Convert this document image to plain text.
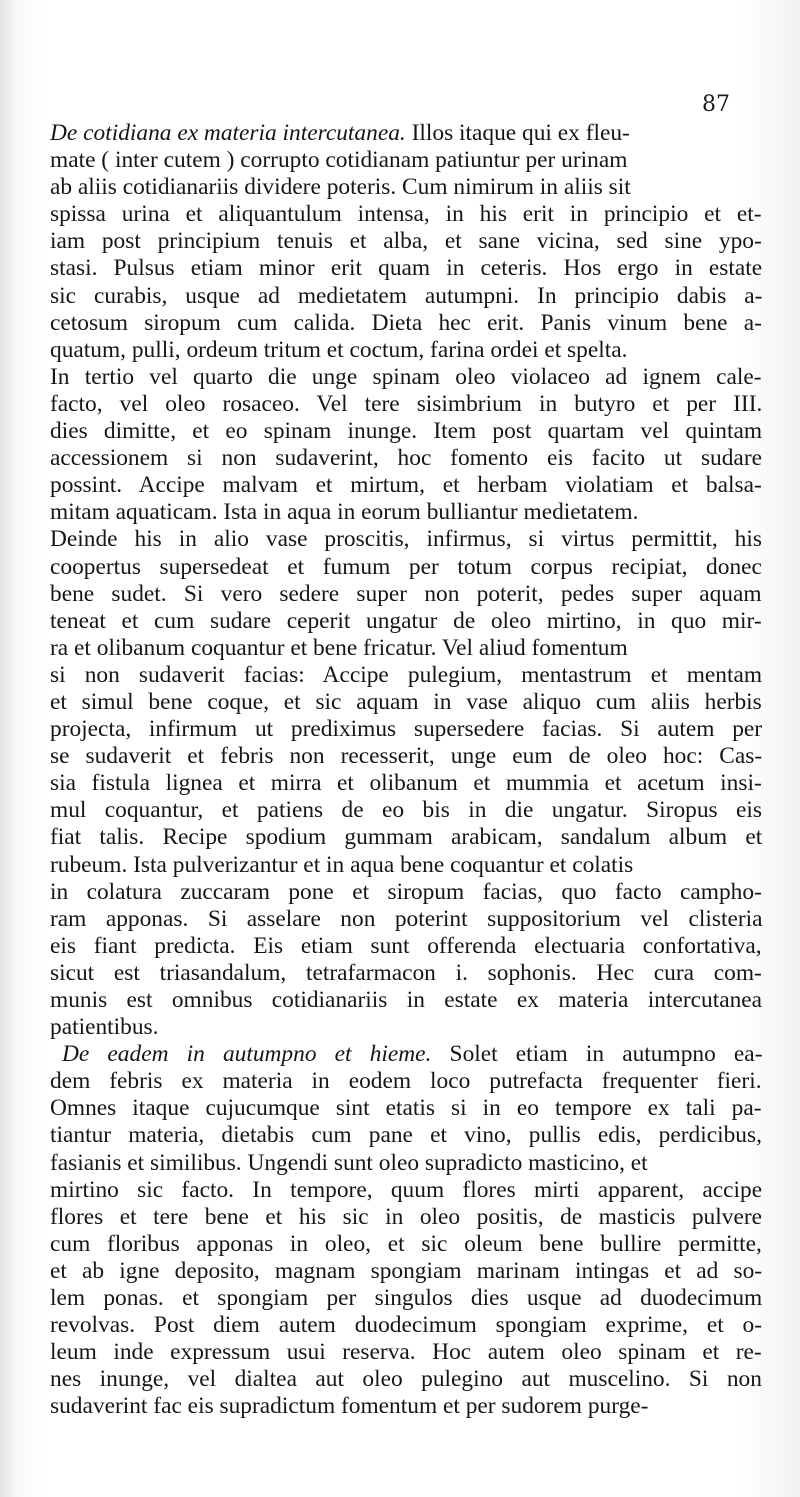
87
De cotidiana ex materia intercutanea. Illos itaque qui ex fleu-
mate ( inter cutem ) corrupto cotidianam patiuntur per urinam
ab aliis cotidianariis dividere poteris. Cum nimirum in aliis sit
spissa urina et aliquantulum intensa, in his erit in principio et et-
iam post principium tenuis et alba, et sane vicina, sed sine ypo-
stasi. Pulsus etiam minor erit quam in ceteris. Hos ergo in estate
sic curabis, usque ad medietatem autumpni. In principio dabis a-
cetosum siropum cum calida. Dieta hec erit. Panis vinum bene a-
quatum, pulli, ordeum tritum et coctum, farina ordei et spelta.
In tertio vel quarto die unge spinam oleo violaceo ad ignem cale-
facto, vel oleo rosaceo. Vel tere sisimbrium in butyro et per III.
dies dimitte, et eo spinam inunge. Item post quartam vel quintam
accessionem si non sudaverint, hoc fomento eis facito ut sudare
possint. Accipe malvam et mirtum, et herbam violatiam et balsa-
mitam aquaticam. Ista in aqua in eorum bulliantur medietatem.
Deinde his in alio vase proscitis, infirmus, si virtus permittit, his
coopertus supersedeat et fumum per totum corpus recipiat, donec
bene sudet. Si vero sedere super non poterit, pedes super aquam
teneat et cum sudare ceperit ungatur de oleo mirtino, in quo mir-
ra et olibanum coquantur et bene fricatur. Vel aliud fomentum
si non sudaverit facias: Accipe pulegium, mentastrum et mentam
et simul bene coque, et sic aquam in vase aliquo cum aliis herbis
projecta, infirmum ut prediximus supersedere facias. Si autem per
se sudaverit et febris non recesserit, unge eum de oleo hoc: Cas-
sia fistula lignea et mirra et olibanum et mummia et acetum insi-
mul coquantur, et patiens de eo bis in die ungatur. Siropus eis
fiat talis. Recipe spodium gummam arabicam, sandalum album et
rubeum. Ista pulverizantur et in aqua bene coquantur et colatis
in colatura zuccaram pone et siropum facias, quo facto campho-
ram apponas. Si asselare non poterint suppositorium vel clisteria
eis fiant predicta. Eis etiam sunt offerenda electuaria confortativa,
sicut est triasandalum, tetrafarmacon i. sophonis. Hec cura com-
munis est omnibus cotidianariis in estate ex materia intercutanea
patientibus.
De eadem in autumpno et hieme. Solet etiam in autumpno ea-
dem febris ex materia in eodem loco putrefacta frequenter fieri.
Omnes itaque cujucumque sint etatis si in eo tempore ex tali pa-
tiantur materia, dietabis cum pane et vino, pullis edis, perdicibus,
fasianis et similibus. Ungendi sunt oleo supradicto masticino, et
mirtino sic facto. In tempore, quum flores mirti apparent, accipe
flores et tere bene et his sic in oleo positis, de masticis pulvere
cum floribus apponas in oleo, et sic oleum bene bullire permitte,
et ab igne deposito, magnam spongiam marinam intingas et ad so-
lem ponas. et spongiam per singulos dies usque ad duodecimum
revolvas. Post diem autem duodecimum spongiam exprime, et o-
leum inde expressum usui reserva. Hoc autem oleo spinam et re-
nes inunge, vel dialtea aut oleo pulegino aut muscelino. Si non
sudaverint fac eis supradictum fomentum et per sudorem purge-
